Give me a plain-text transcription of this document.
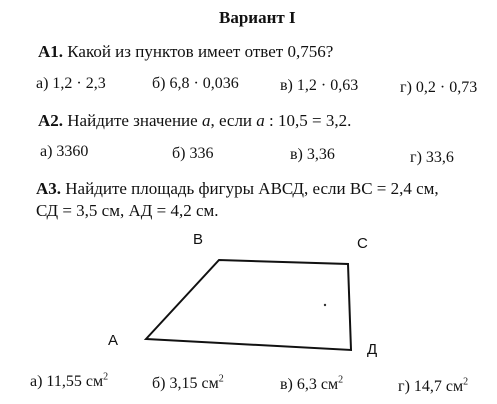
Вариант I
А1. Какой из пунктов имеет ответ 0,756?
а) 1,2 · 2,3	б) 6,8 · 0,036	в) 1,2 · 0,63	г) 0,2 · 0,73
А2. Найдите значение a, если a : 10,5 = 3,2.
а) 3360	б) 336	в) 3,36	г) 33,6
А3. Найдите площадь фигуры АВСД, если ВС = 2,4 см,
СД = 3,5 см, АД = 4,2 см.
В	С
А
Д
а) 11,55 $см^2$	б) 3,15 $см^2$	в) 6,3 $см^2$	г) 14,7 $см^2$
